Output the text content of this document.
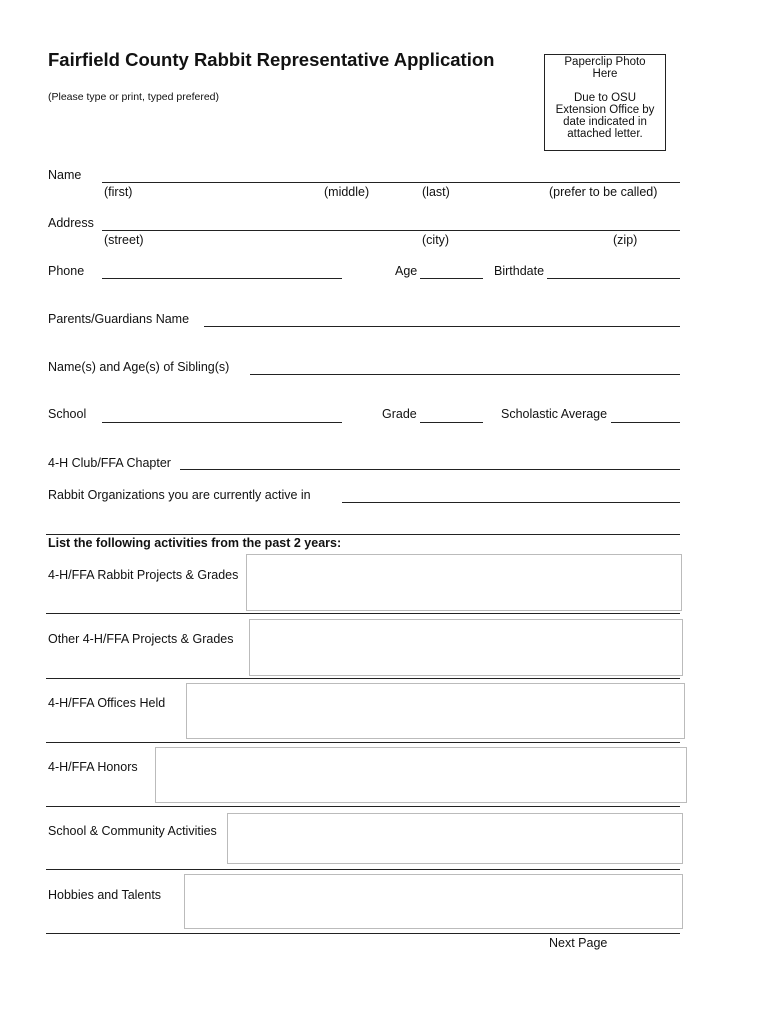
Fairfield County Rabbit Representative Application
(Please type or print, typed prefered)
Paperclip Photo
Here
Due to OSU
Extension Office by
date indicated in
attached letter.
Name
(first)	(middle)	(last)	(prefer to be called)
Address
(street)	(city)	(zip)
Phone	Age	Birthdate
Parents/Guardians Name
Name(s) and Age(s) of Sibling(s)
School	Grade	Scholastic Average
4-H Club/FFA Chapter
Rabbit Organizations you are currently active in
List the following activities from the past 2 years:
4-H/FFA Rabbit Projects & Grades
Other 4-H/FFA Projects & Grades
4-H/FFA Offices Held
4-H/FFA Honors
School & Community Activities
Hobbies and Talents
Next Page
